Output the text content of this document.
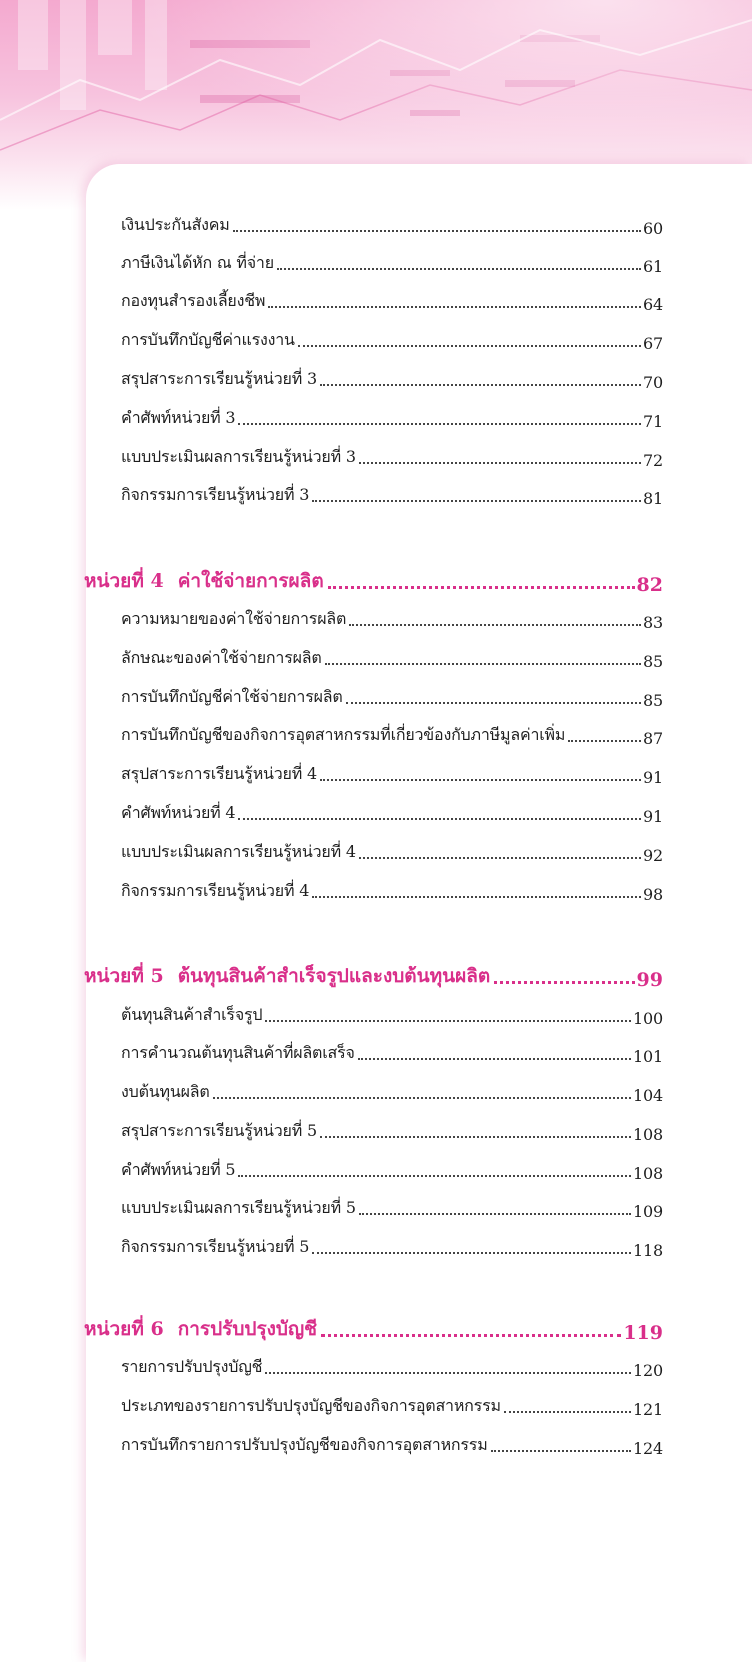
เงินประกันสังคม	60
ภาษีเงินได้หัก ณ ที่จ่าย	61
กองทุนสำรองเลี้ยงชีพ	64
การบันทึกบัญชีค่าแรงงาน	67
สรุปสาระการเรียนรู้หน่วยที่ 3	70
คำศัพท์หน่วยที่ 3	71
แบบประเมินผลการเรียนรู้หน่วยที่ 3	72
กิจกรรมการเรียนรู้หน่วยที่ 3	81
หน่วยที่ 4 ค่าใช้จ่ายการผลิต	82
ความหมายของค่าใช้จ่ายการผลิต	83
ลักษณะของค่าใช้จ่ายการผลิต	85
การบันทึกบัญชีค่าใช้จ่ายการผลิต	85
การบันทึกบัญชีของกิจการอุตสาหกรรมที่เกี่ยวข้องกับภาษีมูลค่าเพิ่ม	87
สรุปสาระการเรียนรู้หน่วยที่ 4	91
คำศัพท์หน่วยที่ 4	91
แบบประเมินผลการเรียนรู้หน่วยที่ 4	92
กิจกรรมการเรียนรู้หน่วยที่ 4	98
หน่วยที่ 5 ต้นทุนสินค้าสำเร็จรูปและงบต้นทุนผลิต	99
ต้นทุนสินค้าสำเร็จรูป	100
การคำนวณต้นทุนสินค้าที่ผลิตเสร็จ	101
งบต้นทุนผลิต	104
สรุปสาระการเรียนรู้หน่วยที่ 5	108
คำศัพท์หน่วยที่ 5	108
แบบประเมินผลการเรียนรู้หน่วยที่ 5	109
กิจกรรมการเรียนรู้หน่วยที่ 5	118
หน่วยที่ 6 การปรับปรุงบัญชี	119
รายการปรับปรุงบัญชี	120
ประเภทของรายการปรับปรุงบัญชีของกิจการอุตสาหกรรม	121
การบันทึกรายการปรับปรุงบัญชีของกิจการอุตสาหกรรม	124
